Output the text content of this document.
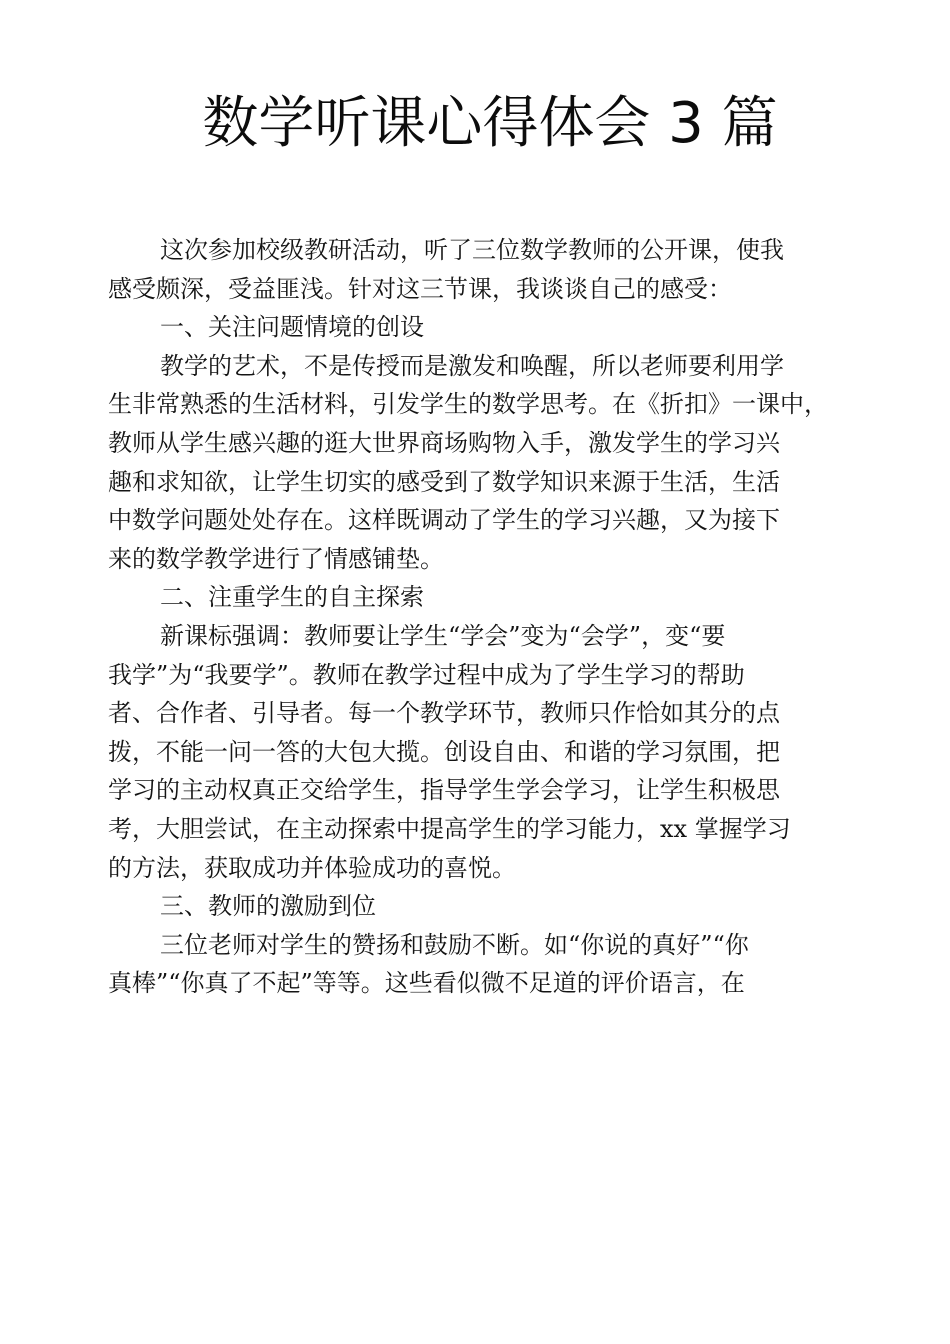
数学听课心得体会 3 篇
这次参加校级教研活动，听了三位数学教师的公开课，使我
感受颇深，受益匪浅。针对这三节课，我谈谈自己的感受：
一、关注问题情境的创设
教学的艺术，不是传授而是激发和唤醒，所以老师要利用学
生非常熟悉的生活材料，引发学生的数学思考。在《折扣》一课中，
教师从学生感兴趣的逛大世界商场购物入手，激发学生的学习兴
趣和求知欲，让学生切实的感受到了数学知识来源于生活，生活
中数学问题处处存在。这样既调动了学生的学习兴趣，又为接下
来的数学教学进行了情感铺垫。
二、注重学生的自主探索
新课标强调：教师要让学生“学会”变为“会学”，变“要
我学”为“我要学”。教师在教学过程中成为了学生学习的帮助
者、合作者、引导者。每一个教学环节，教师只作恰如其分的点
拨，不能一问一答的大包大揽。创设自由、和谐的学习氛围，把
学习的主动权真正交给学生，指导学生学会学习，让学生积极思
考，大胆尝试，在主动探索中提高学生的学习能力，xx 掌握学习
的方法，获取成功并体验成功的喜悦。
三、教师的激励到位
三位老师对学生的赞扬和鼓励不断。如“你说的真好”“你
真棒”“你真了不起”等等。这些看似微不足道的评价语言，在
